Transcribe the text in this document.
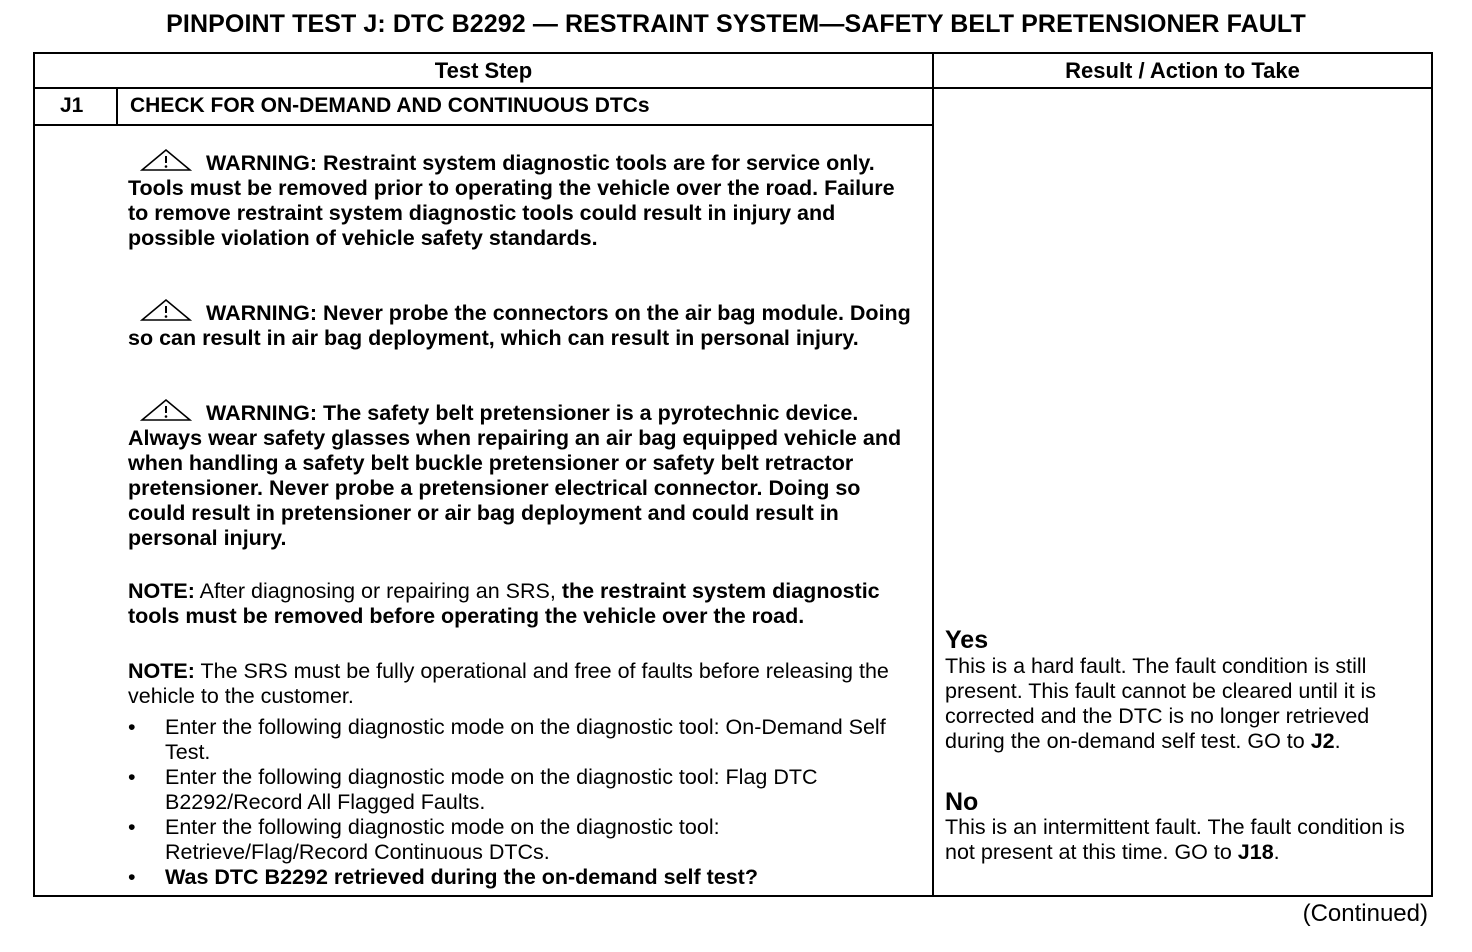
PINPOINT TEST J: DTC B2292 — RESTRAINT SYSTEM—SAFETY BELT PRETENSIONER FAULT
Test Step	Result / Action to Take
J1 CHECK FOR ON-DEMAND AND CONTINUOUS DTCs
WARNING: Restraint system diagnostic tools are for service only. Tools must be removed prior to operating the vehicle over the road. Failure to remove restraint system diagnostic tools could result in injury and possible violation of vehicle safety standards.
WARNING: Never probe the connectors on the air bag module. Doing so can result in air bag deployment, which can result in personal injury.
WARNING: The safety belt pretensioner is a pyrotechnic device. Always wear safety glasses when repairing an air bag equipped vehicle and when handling a safety belt buckle pretensioner or safety belt retractor pretensioner. Never probe a pretensioner electrical connector. Doing so could result in pretensioner or air bag deployment and could result in personal injury.
NOTE: After diagnosing or repairing an SRS, the restraint system diagnostic tools must be removed before operating the vehicle over the road.
NOTE: The SRS must be fully operational and free of faults before releasing the vehicle to the customer.
• Enter the following diagnostic mode on the diagnostic tool: On-Demand Self Test.
• Enter the following diagnostic mode on the diagnostic tool: Flag DTC B2292/Record All Flagged Faults.
• Enter the following diagnostic mode on the diagnostic tool: Retrieve/Flag/Record Continuous DTCs.
• Was DTC B2292 retrieved during the on-demand self test?
Yes
This is a hard fault. The fault condition is still present. This fault cannot be cleared until it is corrected and the DTC is no longer retrieved during the on-demand self test. GO to J2.
No
This is an intermittent fault. The fault condition is not present at this time. GO to J18.
(Continued)
